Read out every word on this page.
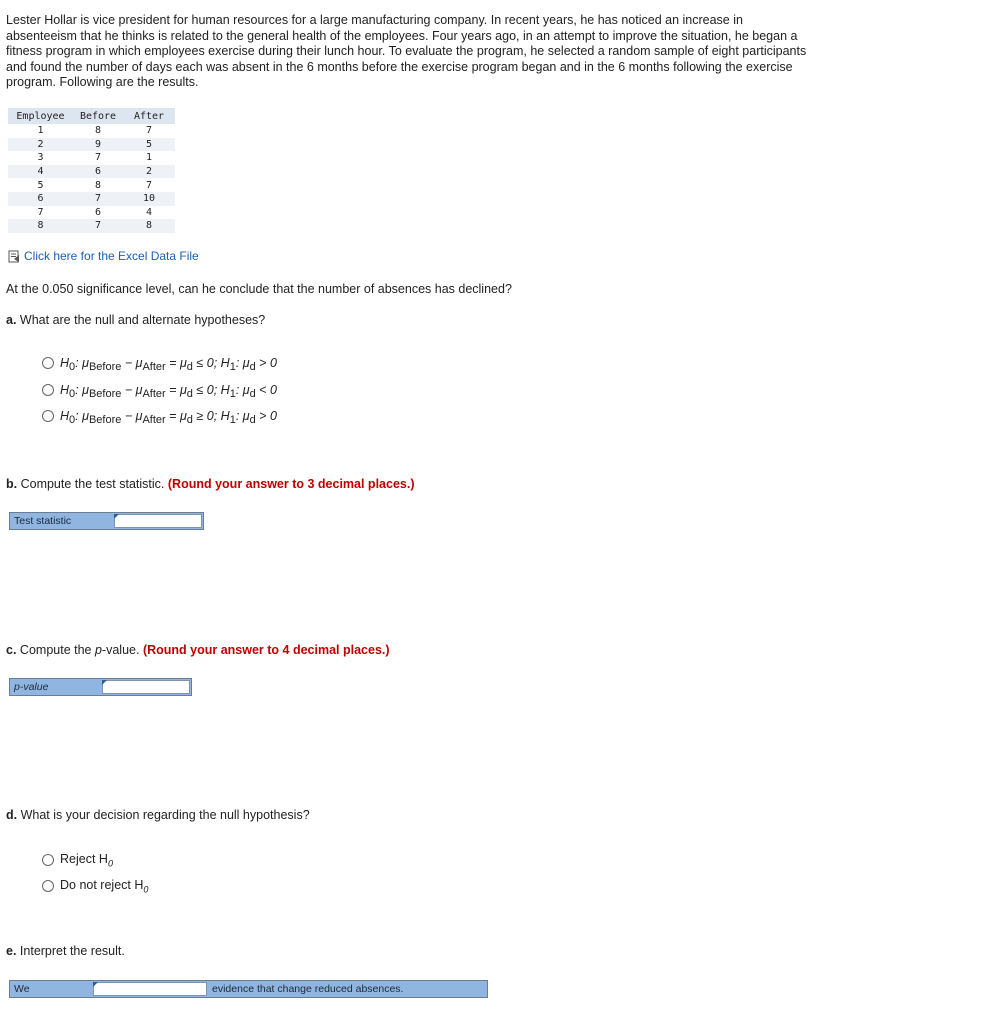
Lester Hollar is vice president for human resources for a large manufacturing company. In recent years, he has noticed an increase in absenteeism that he thinks is related to the general health of the employees. Four years ago, in an attempt to improve the situation, he began a fitness program in which employees exercise during their lunch hour. To evaluate the program, he selected a random sample of eight participants and found the number of days each was absent in the 6 months before the exercise program began and in the 6 months following the exercise program. Following are the results.

Employee	Before	After
1	8	7
2	9	5
3	7	1
4	6	2
5	8	7
6	7	10
7	6	4
8	7	8
Click here for the Excel Data File

At the 0.050 significance level, can he conclude that the number of absences has declined?

a. What are the null and alternate hypotheses?

H0: μBefore − μAfter = μd ≤ 0; H1: μd > 0
H0: μBefore − μAfter = μd ≤ 0; H1: μd < 0
H0: μBefore − μAfter = μd ≥ 0; H1: μd > 0

b. Compute the test statistic. (Round your answer to 3 decimal places.)

Test statistic

c. Compute the p-value. (Round your answer to 4 decimal places.)

p-value

d. What is your decision regarding the null hypothesis?

Reject $H_0$
Do not reject $H_0$

e. Interpret the result.

We	evidence that change reduced absences.
